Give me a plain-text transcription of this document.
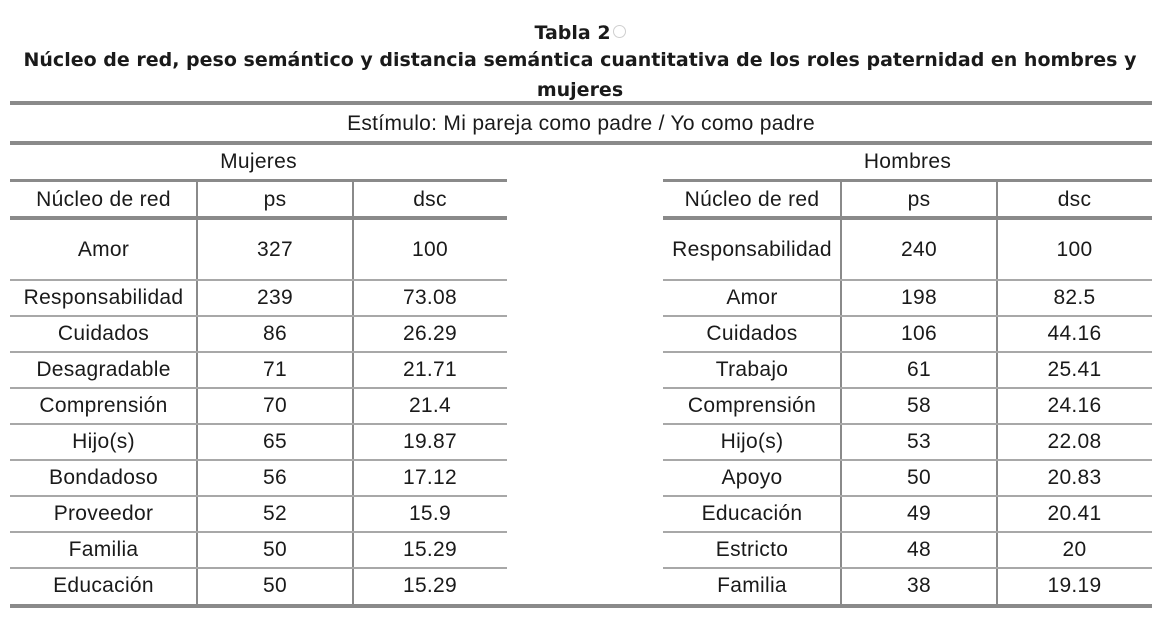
Tabla 2
Núcleo de red, peso semántico y distancia semántica cuantitativa de los roles paternidad en hombres y
mujeres
Estímulo: Mi pareja como padre / Yo como padre
Mujeres
Núcleo de red	ps	dsc
Amor	327	100
Responsabilidad	239	73.08
Cuidados	86	26.29
Desagradable	71	21.71
Comprensión	70	21.4
Hijo(s)	65	19.87
Bondadoso	56	17.12
Proveedor	52	15.9
Familia	50	15.29
Educación	50	15.29
Hombres
Núcleo de red	ps	dsc
Responsabilidad	240	100
Amor	198	82.5
Cuidados	106	44.16
Trabajo	61	25.41
Comprensión	58	24.16
Hijo(s)	53	22.08
Apoyo	50	20.83
Educación	49	20.41
Estricto	48	20
Familia	38	19.19
